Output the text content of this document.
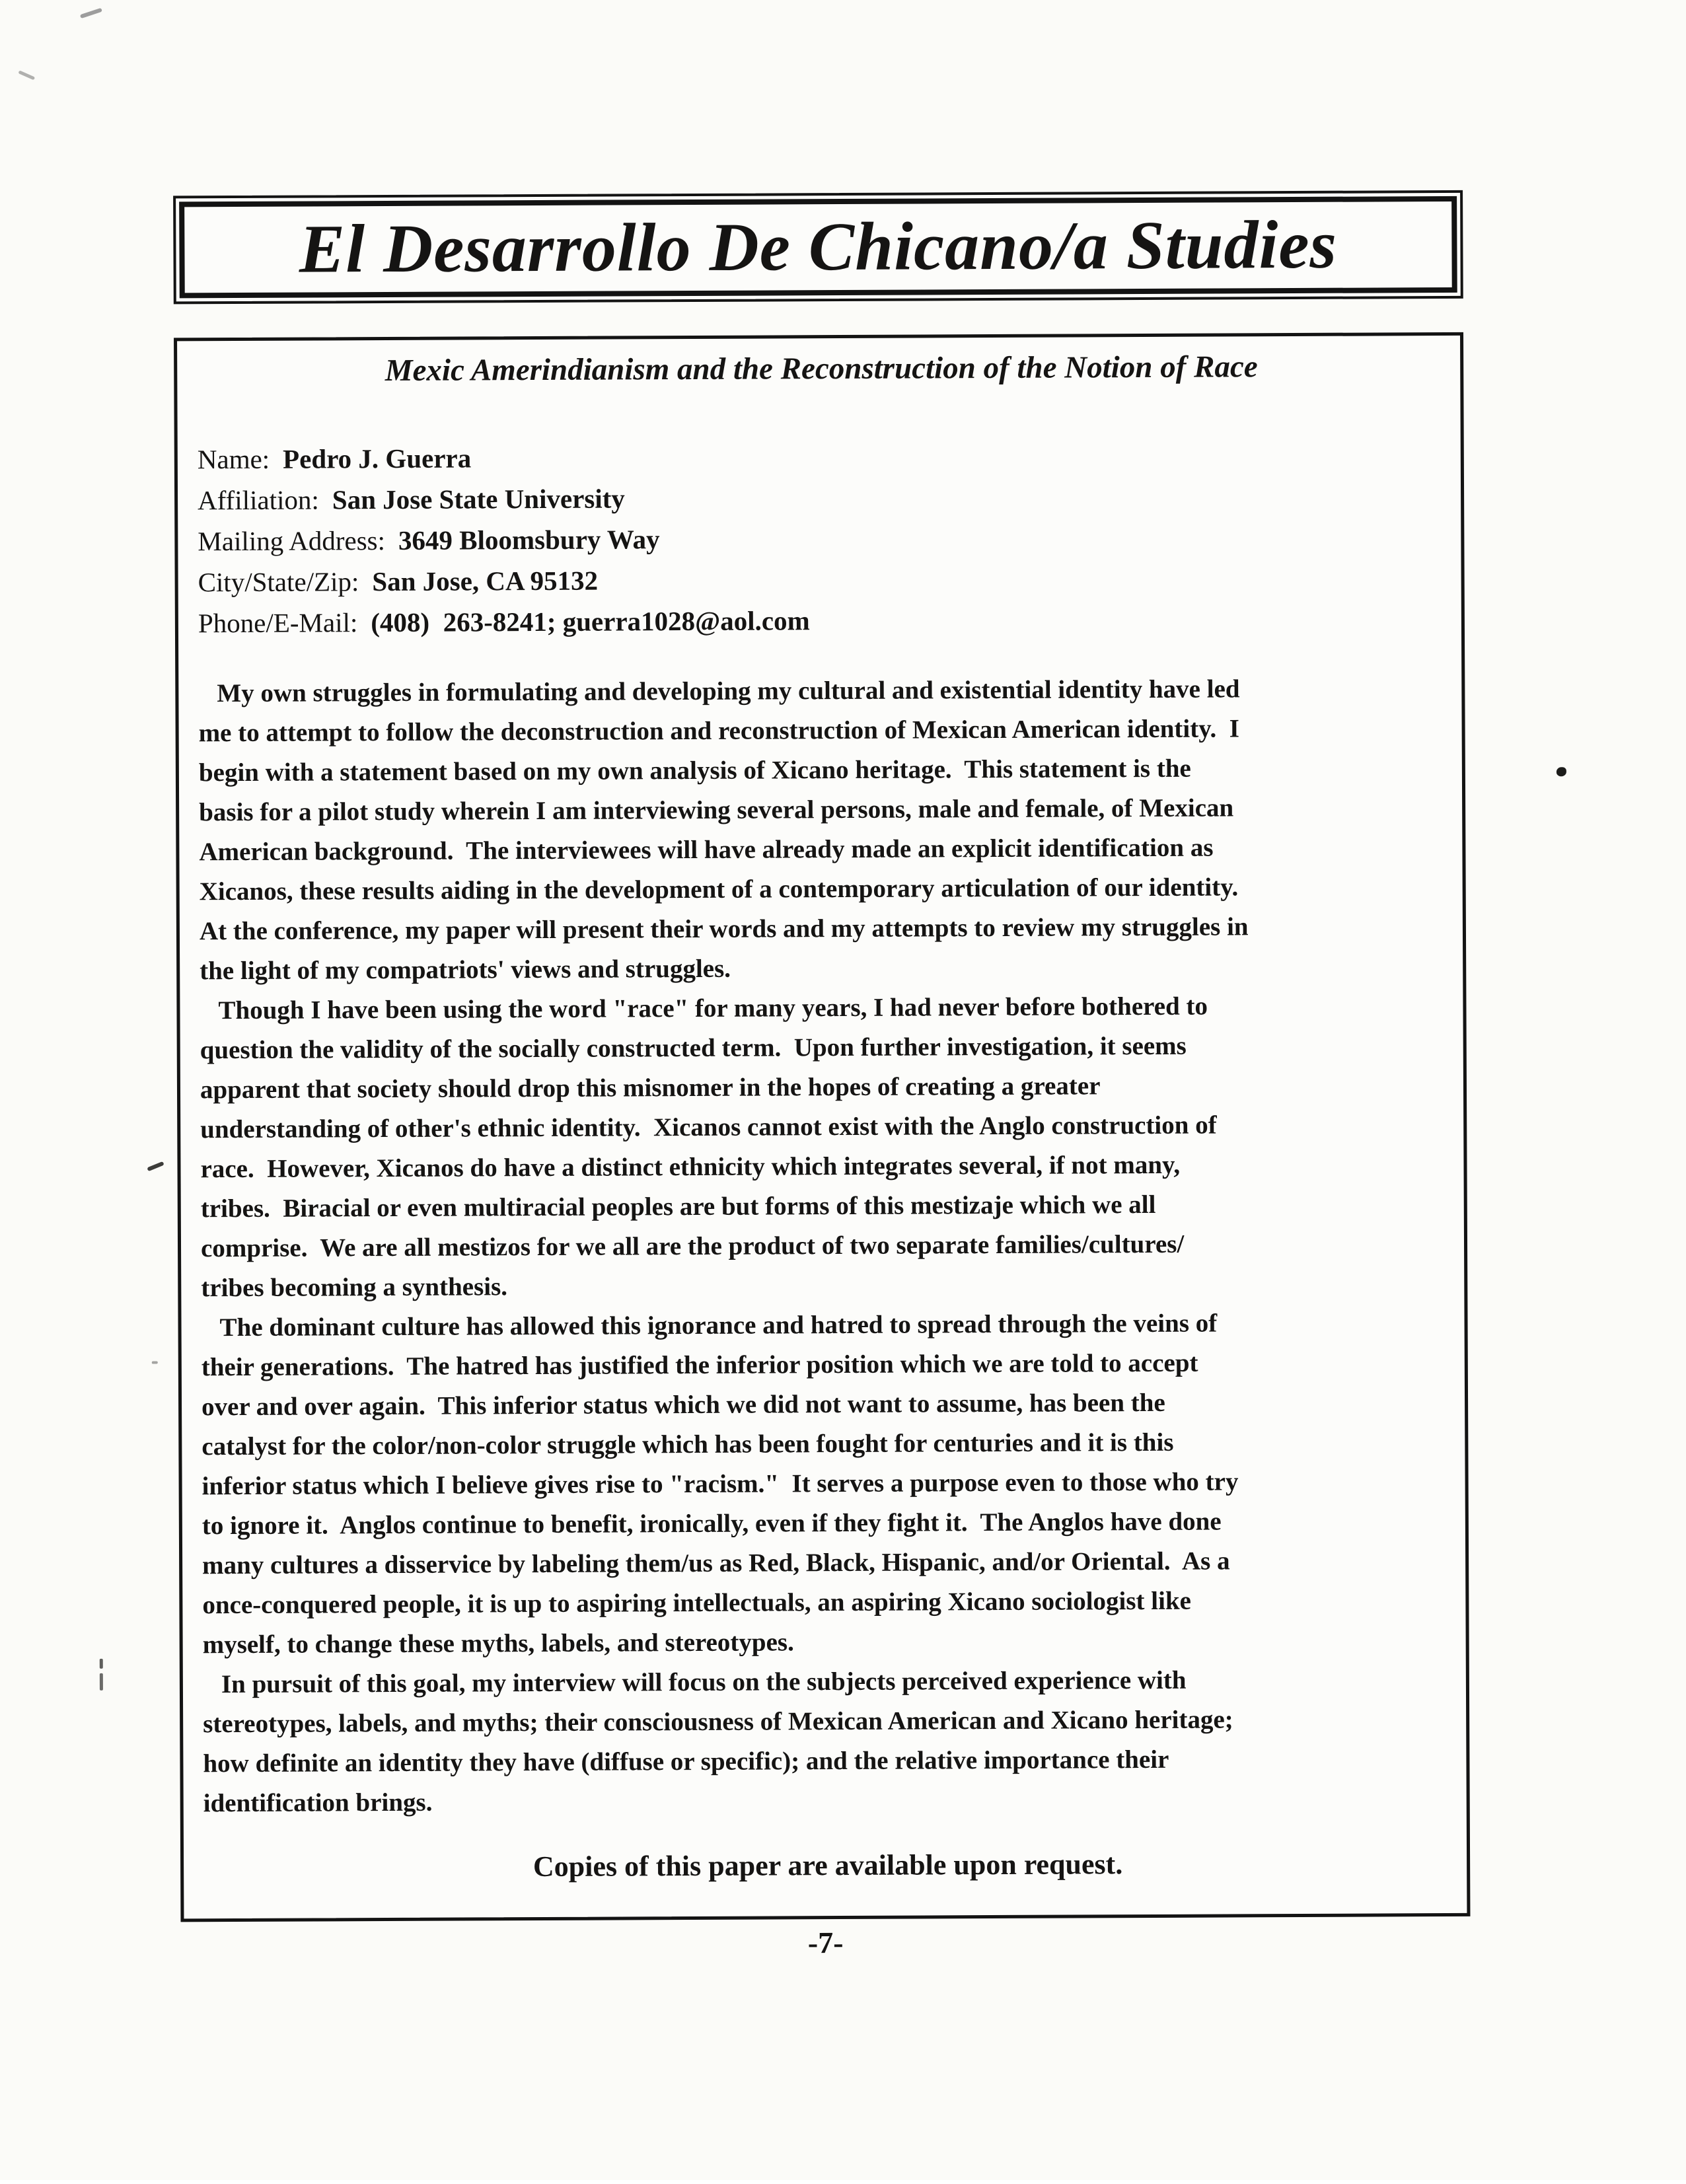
El Desarrollo De Chicano/a Studies
Mexic Amerindianism and the Reconstruction of the Notion of Race
Name: Pedro J. Guerra
Affiliation: San Jose State University
Mailing Address: 3649 Bloomsbury Way
City/State/Zip: San Jose, CA 95132
Phone/E-Mail: (408)  263-8241; guerra1028@aol.com

My own struggles in formulating and developing my cultural and existential identity have led
me to attempt to follow the deconstruction and reconstruction of Mexican American identity.  I
begin with a statement based on my own analysis of Xicano heritage.  This statement is the
basis for a pilot study wherein I am interviewing several persons, male and female, of Mexican
American background.  The interviewees will have already made an explicit identification as
Xicanos, these results aiding in the development of a contemporary articulation of our identity.
At the conference, my paper will present their words and my attempts to review my struggles in
the light of my compatriots' views and struggles.

Though I have been using the word "race" for many years, I had never before bothered to
question the validity of the socially constructed term.  Upon further investigation, it seems
apparent that society should drop this misnomer in the hopes of creating a greater
understanding of other's ethnic identity.  Xicanos cannot exist with the Anglo construction of
race.  However, Xicanos do have a distinct ethnicity which integrates several, if not many,
tribes.  Biracial or even multiracial peoples are but forms of this mestizaje which we all
comprise.  We are all mestizos for we all are the product of two separate families/cultures/
tribes becoming a synthesis.

The dominant culture has allowed this ignorance and hatred to spread through the veins of
their generations.  The hatred has justified the inferior position which we are told to accept
over and over again.  This inferior status which we did not want to assume, has been the
catalyst for the color/non-color struggle which has been fought for centuries and it is this
inferior status which I believe gives rise to "racism."  It serves a purpose even to those who try
to ignore it.  Anglos continue to benefit, ironically, even if they fight it.  The Anglos have done
many cultures a disservice by labeling them/us as Red, Black, Hispanic, and/or Oriental.  As a
once-conquered people, it is up to aspiring intellectuals, an aspiring Xicano sociologist like
myself, to change these myths, labels, and stereotypes.

In pursuit of this goal, my interview will focus on the subjects perceived experience with
stereotypes, labels, and myths; their consciousness of Mexican American and Xicano heritage;
how definite an identity they have (diffuse or specific); and the relative importance their
identification brings.

Copies of this paper are available upon request.

-7-
